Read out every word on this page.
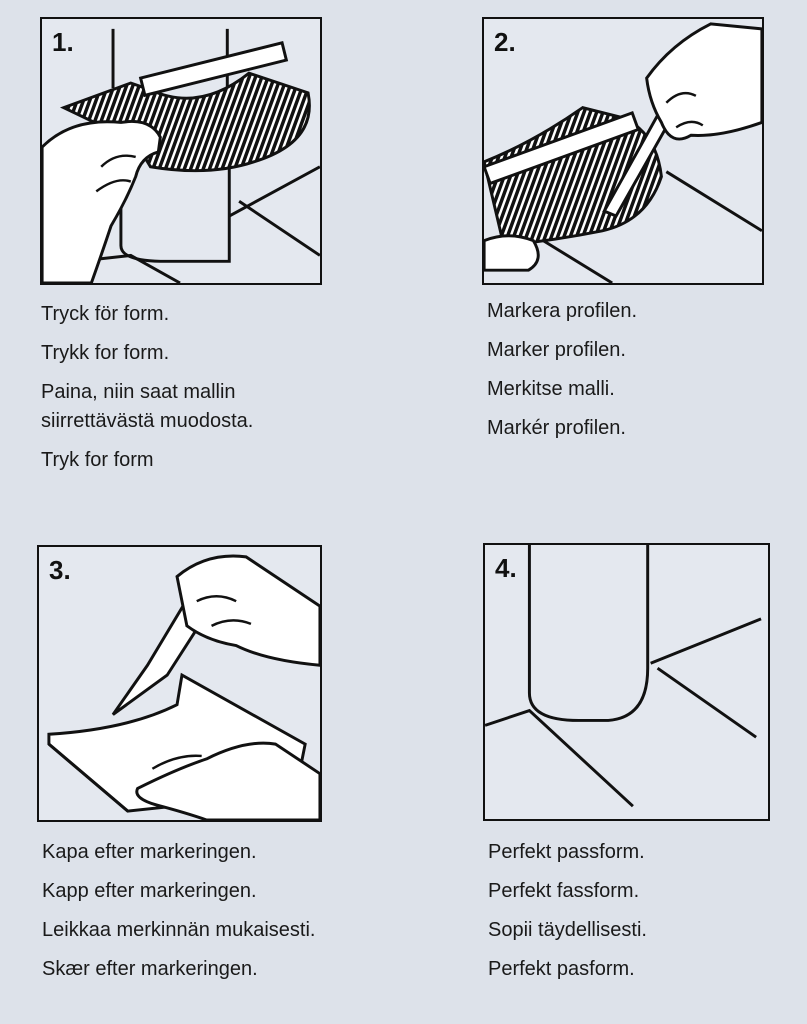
1.
Tryck för form.
Trykk for form.
Paina, niin saat mallin siirrettävästä muodosta.
Tryk for form
2.
Markera profilen.
Marker profilen.
Merkitse malli.
Markér profilen.
3.
Kapa efter markeringen.
Kapp efter markeringen.
Leikkaa merkinnän mukaisesti.
Skær efter markeringen.
4.
Perfekt passform.
Perfekt fassform.
Sopii täydellisesti.
Perfekt pasform.
